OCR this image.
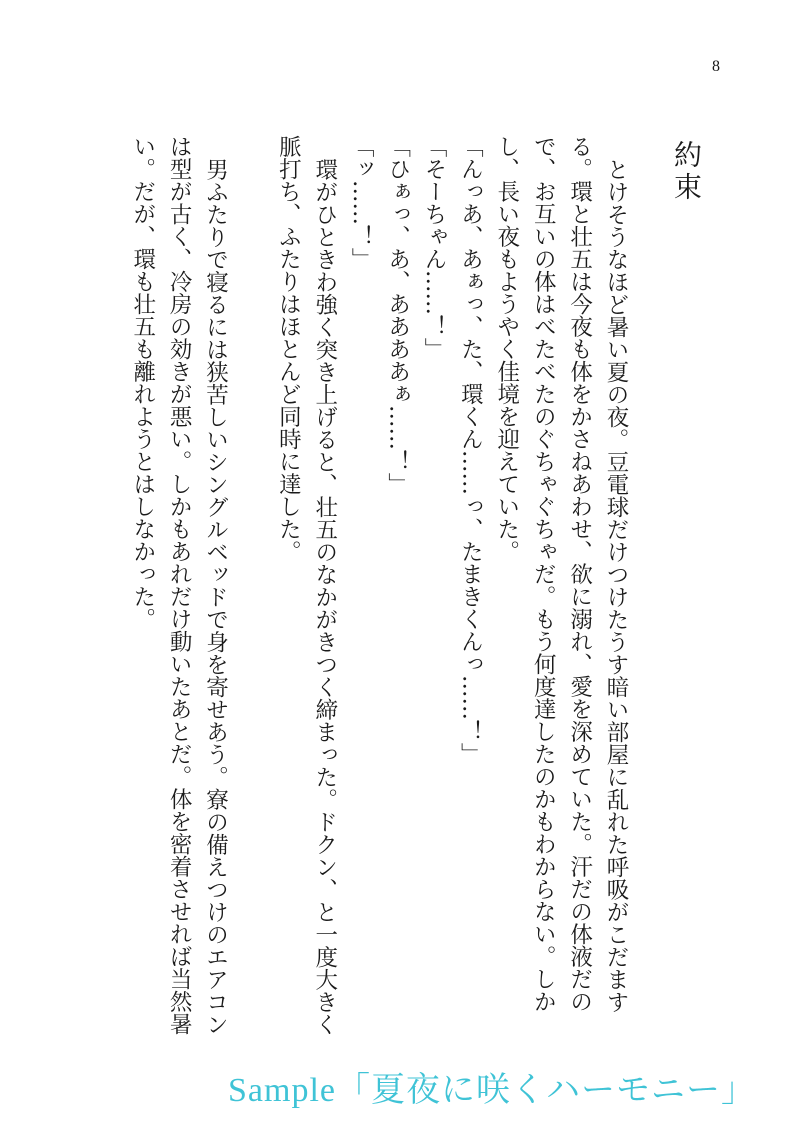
8
約束

とけそうなほど暑い夏の夜。豆電球だけつけたうす暗い部屋に乱れた呼吸がこだまする。環と壮五は今夜も体をかさねあわせ、欲に溺れ、愛を深めていた。汗だの体液だので、お互いの体はべたべたのぐちゃぐちゃだ。もう何度達したのかもわからない。しかし、長い夜もようやく佳境を迎えていた。

「んっあ、あぁっ、た、環くん……っ、たまきくんっ……！」

「そーちゃん……！」

「ひぁっ、あ、ああああぁ……！」

「ッ……！」

環がひときわ強く突き上げると、壮五のなかがきつく締まった。ドクン、と一度大きく脈打ち、ふたりはほとんど同時に達した。

男ふたりで寝るには狭苦しいシングルベッドで身を寄せあう。寮の備えつけのエアコンは型が古く、冷房の効きが悪い。しかもあれだけ動いたあとだ。体を密着させれば当然暑い。だが、環も壮五も離れようとはしなかった。

Sample「夏夜に咲くハーモニー」
